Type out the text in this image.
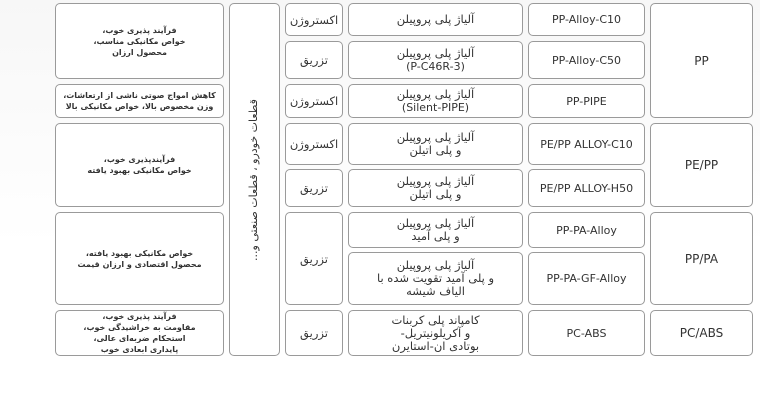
PP
PE/PP
PP/PA
PC/ABS
PP-Alloy-C10
PP-Alloy-C50
PP-PIPE
PE/PP ALLOY-C10
PE/PP ALLOY-H50
PP-PA-Alloy
PP-PA-GF-Alloy
PC-ABS
آلیاژ پلی پروپیلن
آلیاژ پلی پروپیلن
(P-C46R-3)
آلیاژ پلی پروپیلن
(Silent-PIPE)
آلیاژ پلی پروپیلن
و پلی اتیلن
آلیاژ پلی پروپیلن
و پلی اتیلن
آلیاژ پلی پروپیلن
و پلی آمید
آلیاژ پلی پروپیلن
و پلی آمید تقویت شده با
الیاف شیشه
کامپاند پلی کربنات
و آکریلونیتریل-
بوتادی ان-استایرن
اکستروژن
تزریق
اکستروژن
اکستروژن
تزریق
تزریق
تزریق
قطعات خودرو ، قطعات صنعتی و...
فرآیند پذیری خوب،
خواص مکانیکی مناسب،
محصول ارزان
کاهش امواج صوتی ناشی از ارتعاشات،
وزن مخصوص بالا، خواص مکانیکی بالا
فرآیندپذیری خوب،
خواص مکانیکی بهبود یافته
خواص مکانیکی بهبود یافته،
محصول اقتصادی و ارزان قیمت
فرآیند پذیری خوب،
مقاومت به خراشیدگی خوب،
استحکام ضربه‌ای عالی،
پایداری ابعادی خوب
